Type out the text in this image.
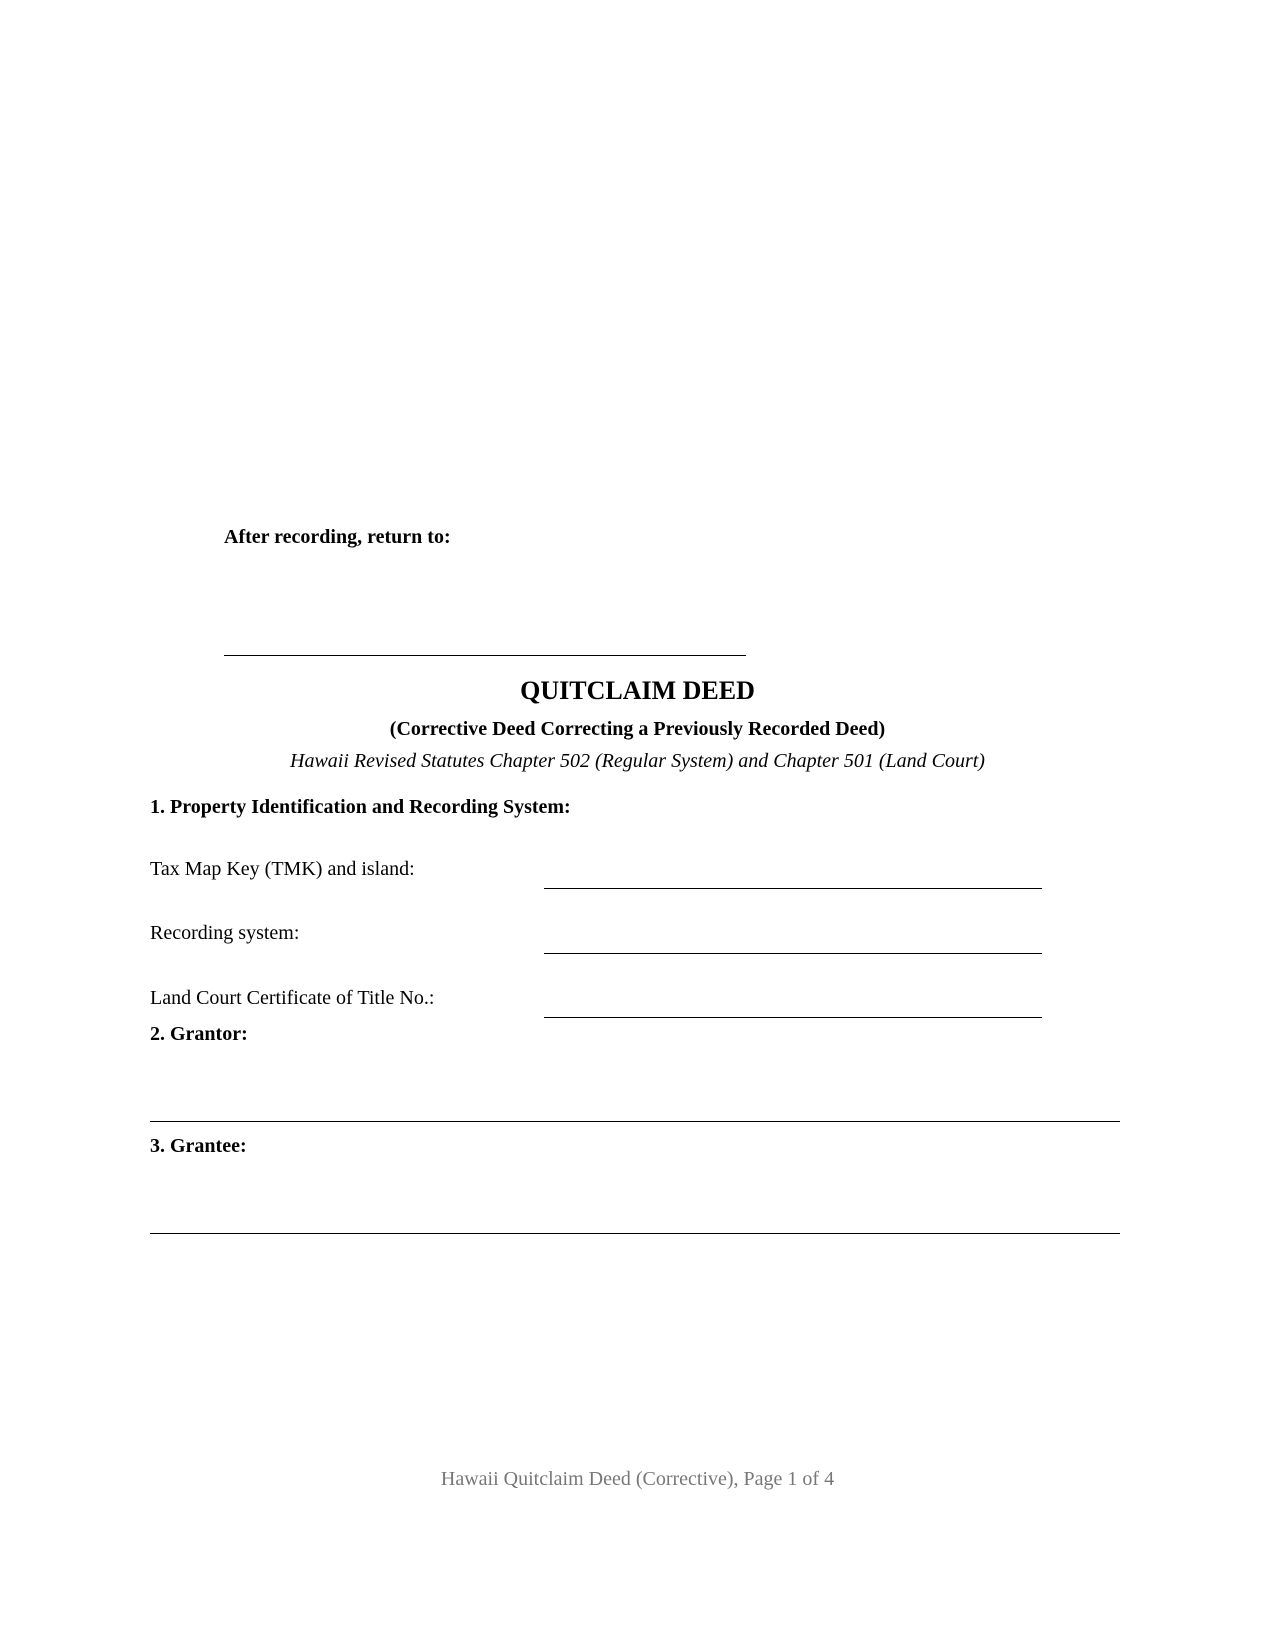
After recording, return to:
QUITCLAIM DEED
(Corrective Deed Correcting a Previously Recorded Deed)
Hawaii Revised Statutes Chapter 502 (Regular System) and Chapter 501 (Land Court)
1. Property Identification and Recording System:
Tax Map Key (TMK) and island:
Recording system:
Land Court Certificate of Title No.:
2. Grantor:
3. Grantee:
Hawaii Quitclaim Deed (Corrective), Page 1 of 4
